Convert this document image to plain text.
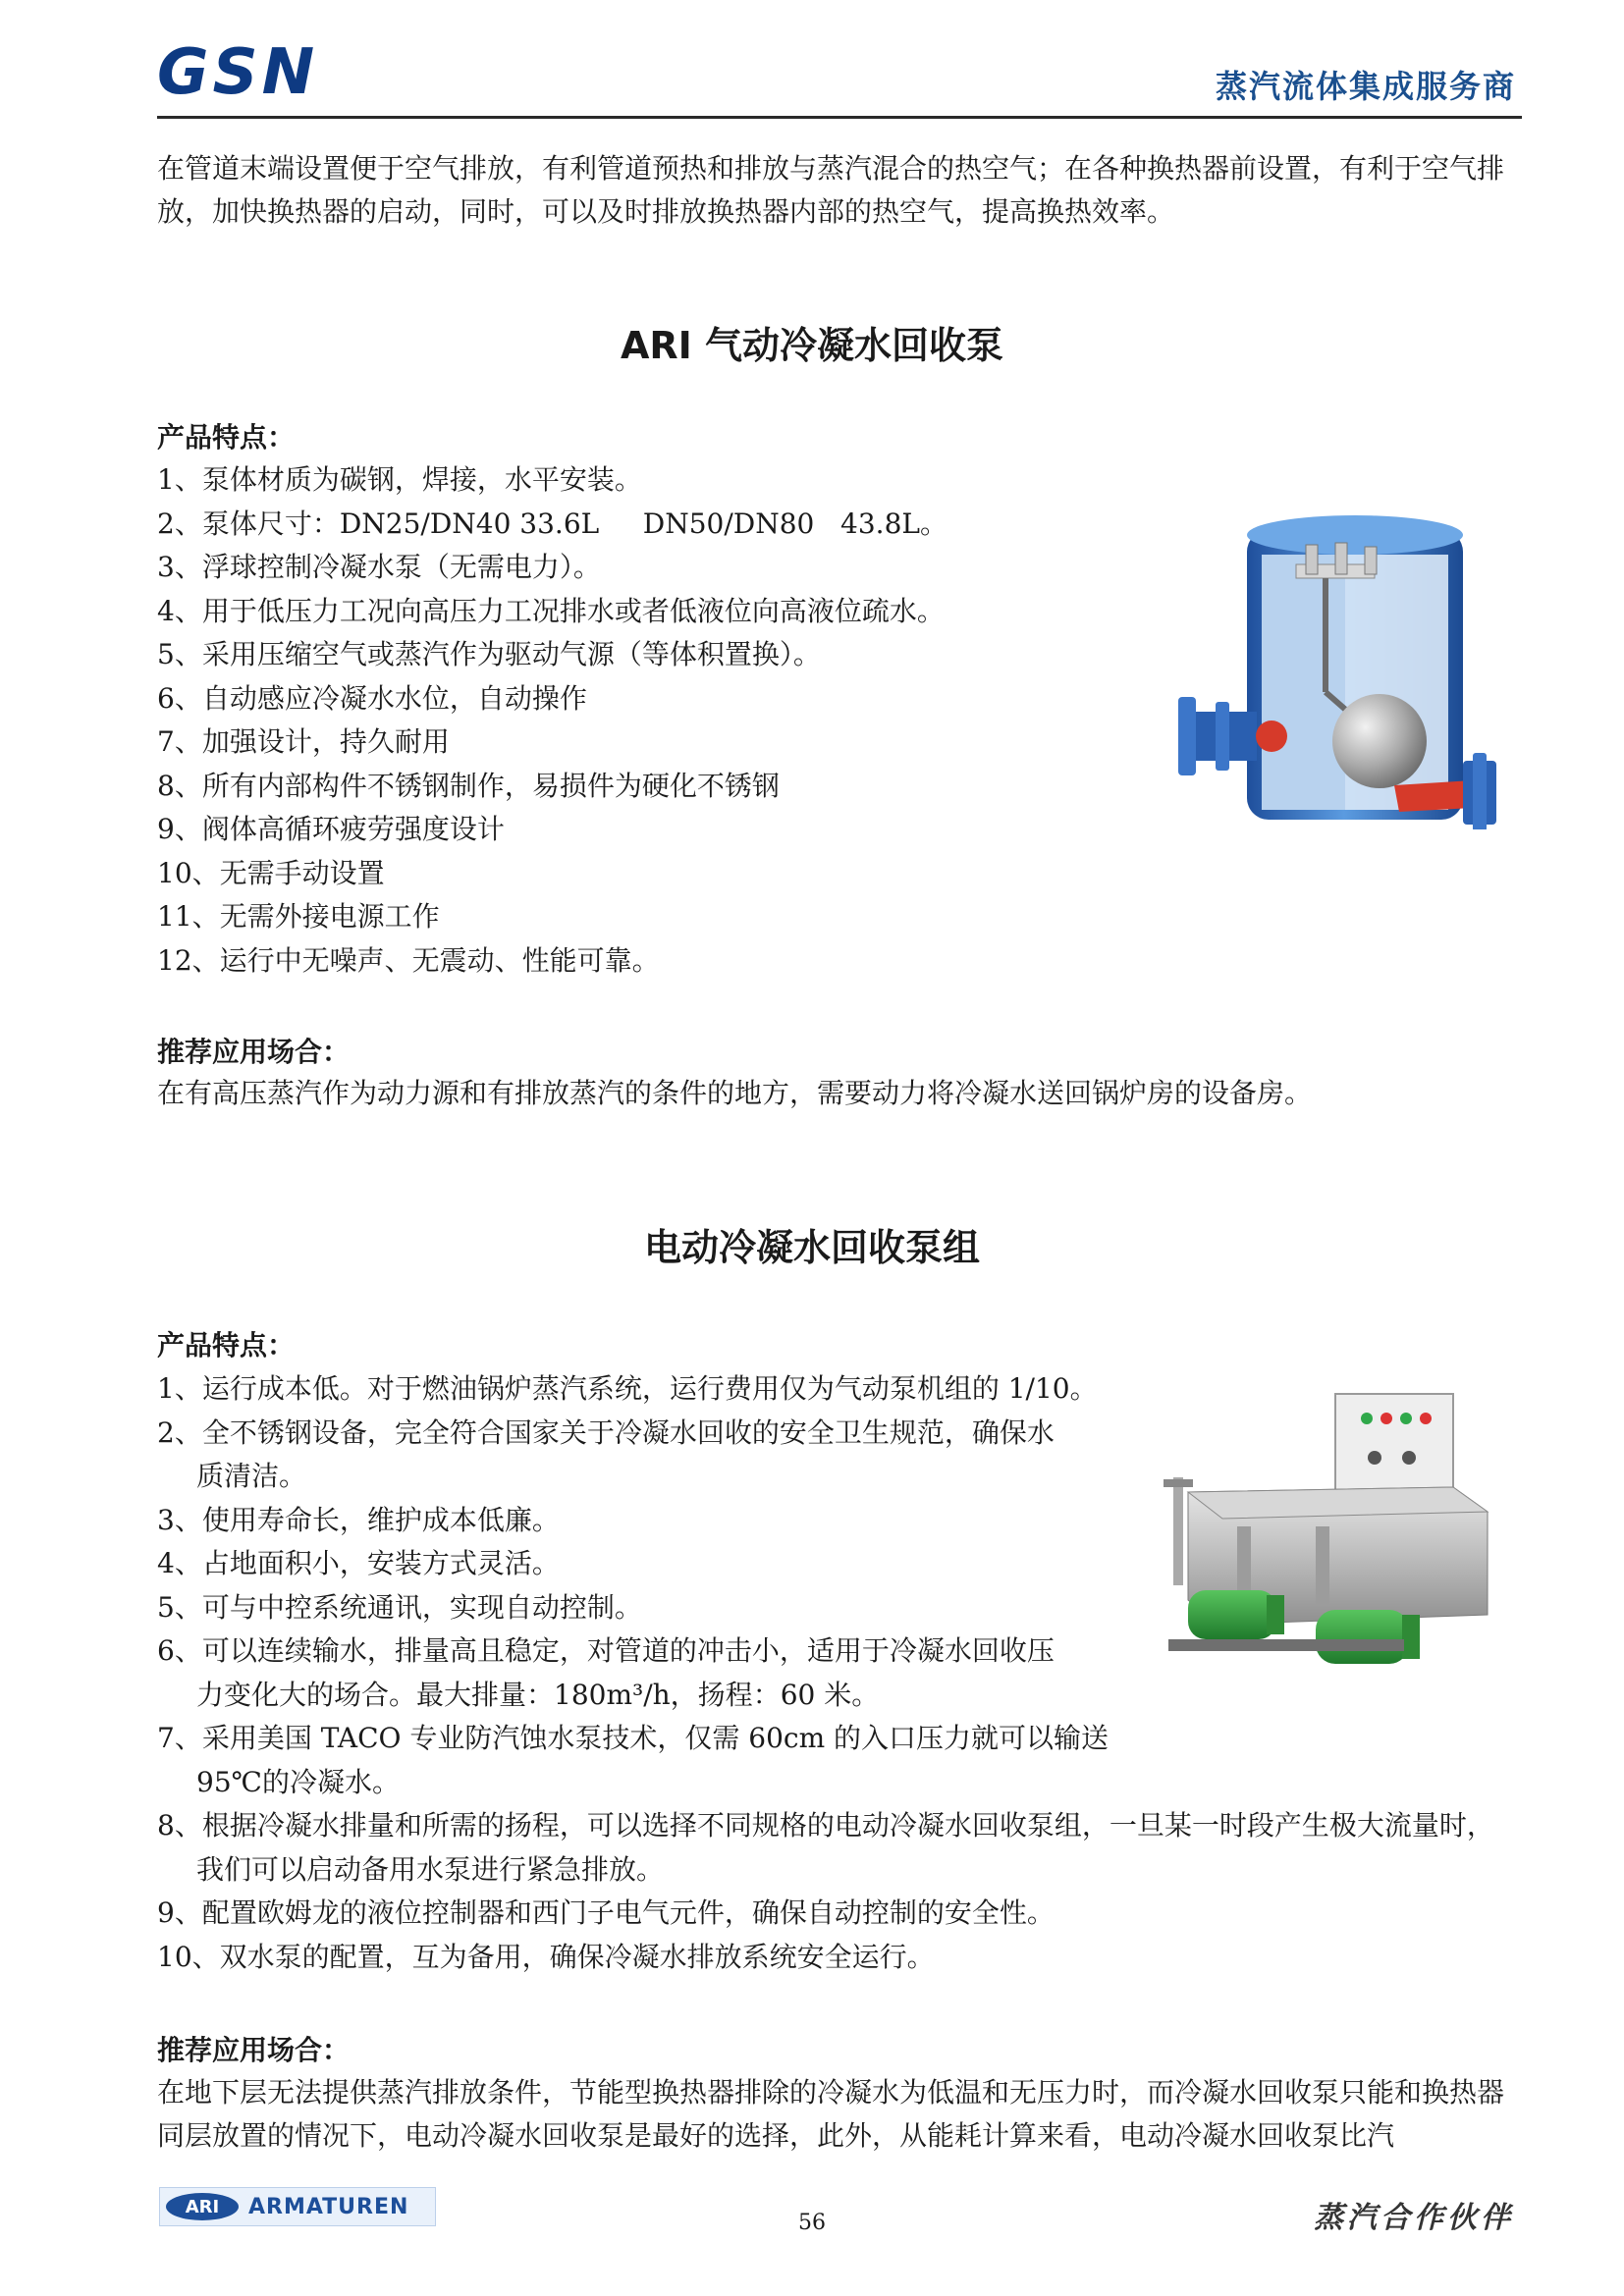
GSN	蒸汽流体集成服务商
在管道末端设置便于空气排放，有利管道预热和排放与蒸汽混合的热空气；在各种换热器前设置，有利于空气排放，加快换热器的启动，同时，可以及时排放换热器内部的热空气，提高换热效率。
ARI 气动冷凝水回收泵
产品特点：
1、泵体材质为碳钢，焊接，水平安装。
2、泵体尺寸：DN25/DN40 33.6L     DN50/DN80   43.8L。
3、浮球控制冷凝水泵（无需电力）。
4、用于低压力工况向高压力工况排水或者低液位向高液位疏水。
5、采用压缩空气或蒸汽作为驱动气源（等体积置换）。
6、自动感应冷凝水水位，自动操作
7、加强设计，持久耐用
8、所有内部构件不锈钢制作，易损件为硬化不锈钢
9、阀体高循环疲劳强度设计
10、无需手动设置
11、无需外接电源工作
12、运行中无噪声、无震动、性能可靠。
推荐应用场合：
在有高压蒸汽作为动力源和有排放蒸汽的条件的地方，需要动力将冷凝水送回锅炉房的设备房。
电动冷凝水回收泵组
产品特点：
1、运行成本低。对于燃油锅炉蒸汽系统，运行费用仅为气动泵机组的 1/10。
2、全不锈钢设备，完全符合国家关于冷凝水回收的安全卫生规范，确保水
质清洁。
3、使用寿命长，维护成本低廉。
4、占地面积小，安装方式灵活。
5、可与中控系统通讯，实现自动控制。
6、可以连续输水，排量高且稳定，对管道的冲击小，适用于冷凝水回收压
力变化大的场合。最大排量：180m³/h，扬程：60 米。
7、采用美国 TACO 专业防汽蚀水泵技术，仅需 60cm 的入口压力就可以输送
95℃的冷凝水。
8、根据冷凝水排量和所需的扬程，可以选择不同规格的电动冷凝水回收泵组，一旦某一时段产生极大流量时，
我们可以启动备用水泵进行紧急排放。
9、配置欧姆龙的液位控制器和西门子电气元件，确保自动控制的安全性。
10、双水泵的配置，互为备用，确保冷凝水排放系统安全运行。
推荐应用场合：
在地下层无法提供蒸汽排放条件，节能型换热器排除的冷凝水为低温和无压力时，而冷凝水回收泵只能和换热器同层放置的情况下，电动冷凝水回收泵是最好的选择，此外，从能耗计算来看，电动冷凝水回收泵比汽
ARI	ARMATUREN
56	蒸汽合作伙伴
